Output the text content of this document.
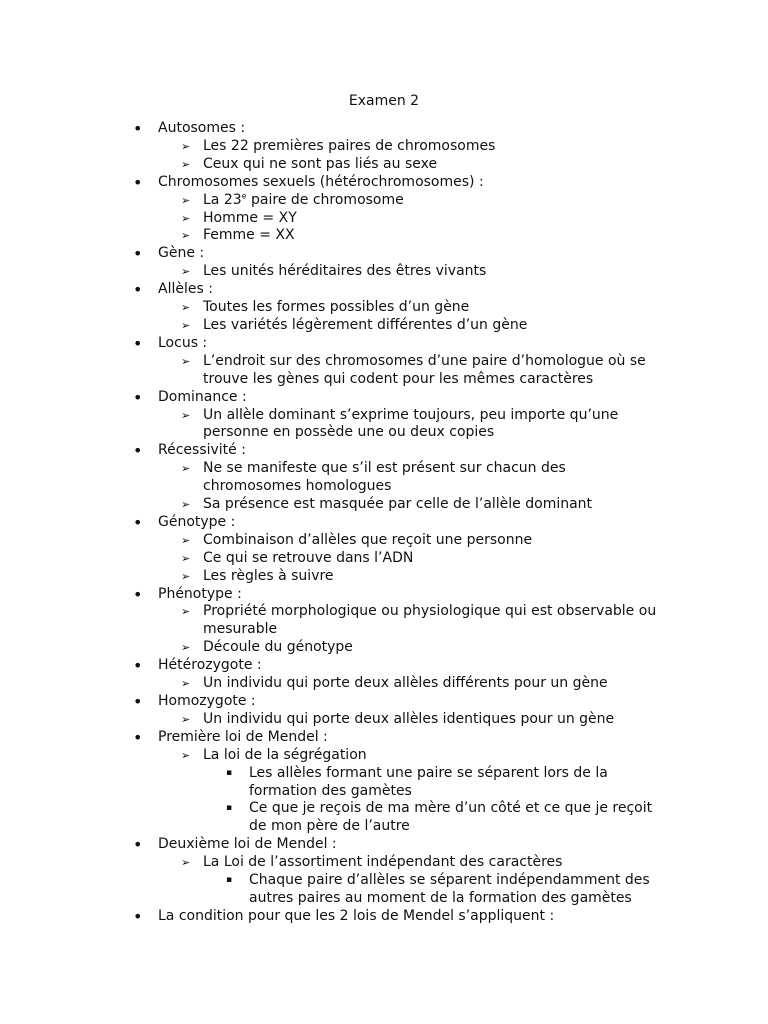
Examen 2
• Autosomes :
➢ Les 22 premières paires de chromosomes
➢ Ceux qui ne sont pas liés au sexe
• Chromosomes sexuels (hétérochromosomes) :
➢ La 23e paire de chromosome
➢ Homme = XY
➢ Femme = XX
• Gène :
➢ Les unités héréditaires des êtres vivants
• Allèles :
➢ Toutes les formes possibles d’un gène
➢ Les variétés légèrement différentes d’un gène
• Locus :
➢ L’endroit sur des chromosomes d’une paire d’homologue où se trouve les gènes qui codent pour les mêmes caractères
• Dominance :
➢ Un allèle dominant s’exprime toujours, peu importe qu’une personne en possède une ou deux copies
• Récessivité :
➢ Ne se manifeste que s’il est présent sur chacun des chromosomes homologues
➢ Sa présence est masquée par celle de l’allèle dominant
• Génotype :
➢ Combinaison d’allèles que reçoit une personne
➢ Ce qui se retrouve dans l’ADN
➢ Les règles à suivre
• Phénotype :
➢ Propriété morphologique ou physiologique qui est observable ou mesurable
➢ Découle du génotype
• Hétérozygote :
➢ Un individu qui porte deux allèles différents pour un gène
• Homozygote :
➢ Un individu qui porte deux allèles identiques pour un gène
• Première loi de Mendel :
➢ La loi de la ségrégation
▪ Les allèles formant une paire se séparent lors de la formation des gamètes
▪ Ce que je reçois de ma mère d’un côté et ce que je reçoit de mon père de l’autre
• Deuxième loi de Mendel :
➢ La Loi de l’assortiment indépendant des caractères
▪ Chaque paire d’allèles se séparent indépendamment des autres paires au moment de la formation des gamètes
• La condition pour que les 2 lois de Mendel s’appliquent :
